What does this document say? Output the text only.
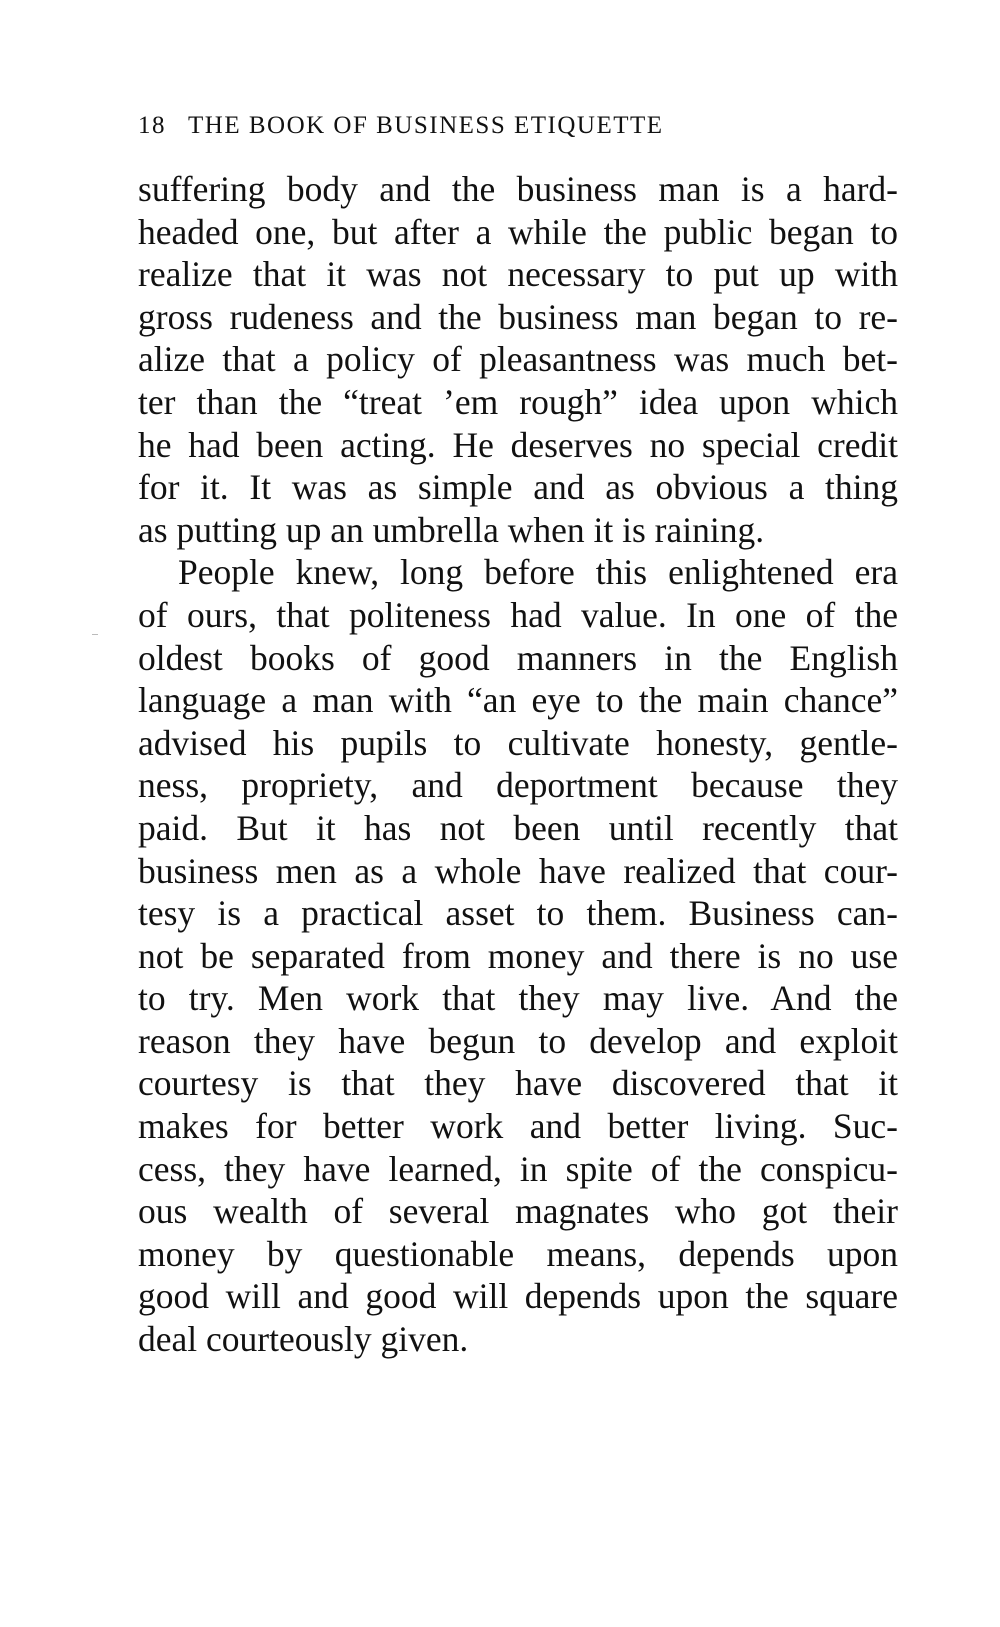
18 THE BOOK OF BUSINESS ETIQUETTE
suffering body and the business man is a hard-
headed one, but after a while the public began to
realize that it was not necessary to put up with
gross rudeness and the business man began to re-
alize that a policy of pleasantness was much bet-
ter than the “treat ’em rough” idea upon which
he had been acting. He deserves no special credit
for it. It was as simple and as obvious a thing
as putting up an umbrella when it is raining.
People knew, long before this enlightened era
of ours, that politeness had value. In one of the
oldest books of good manners in the English
language a man with “an eye to the main chance”
advised his pupils to cultivate honesty, gentle-
ness, propriety, and deportment because they
paid. But it has not been until recently that
business men as a whole have realized that cour-
tesy is a practical asset to them. Business can-
not be separated from money and there is no use
to try. Men work that they may live. And the
reason they have begun to develop and exploit
courtesy is that they have discovered that it
makes for better work and better living. Suc-
cess, they have learned, in spite of the conspicu-
ous wealth of several magnates who got their
money by questionable means, depends upon
good will and good will depends upon the square
deal courteously given.
